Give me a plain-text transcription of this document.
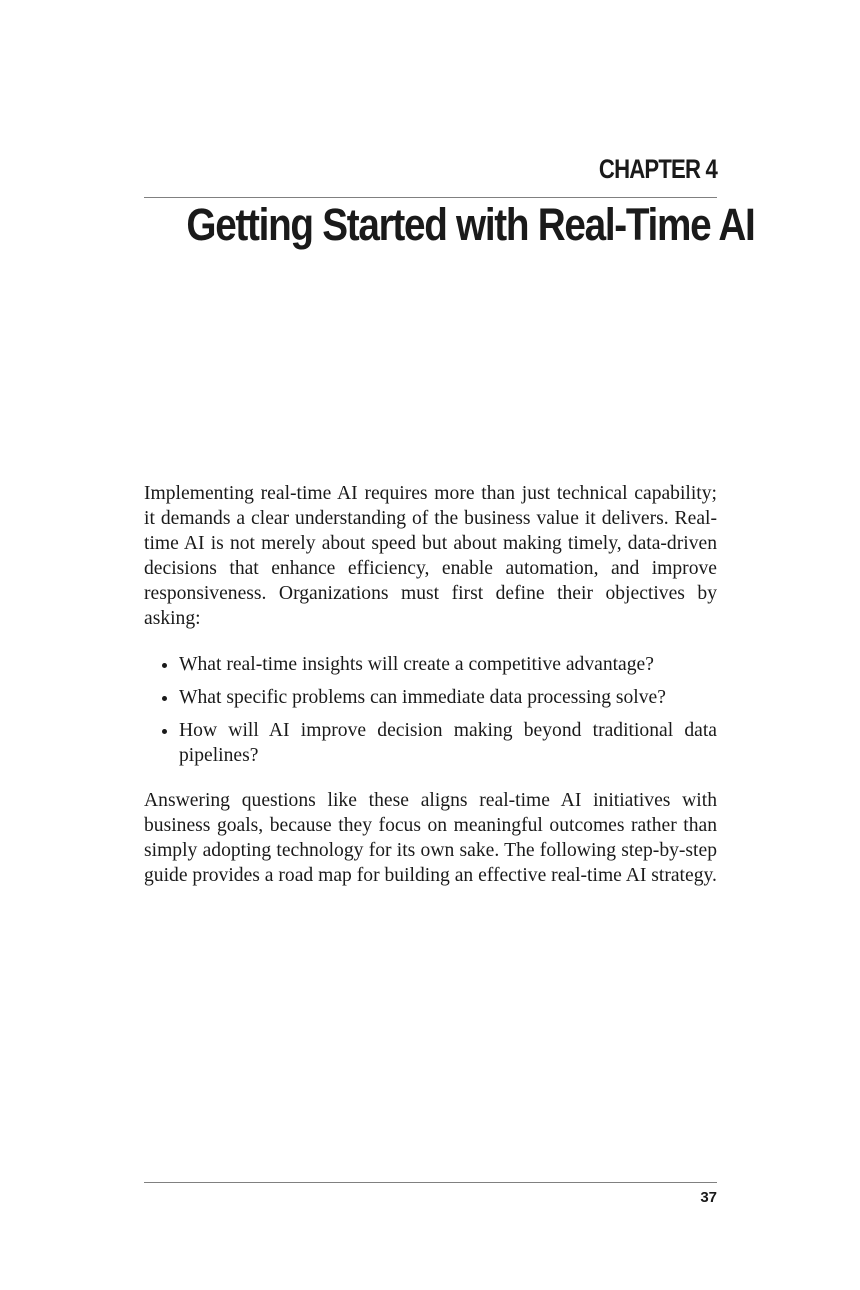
CHAPTER 4
Getting Started with Real-Time AI

Implementing real-time AI requires more than just technical capability; it demands a clear understanding of the business value it delivers. Real-time AI is not merely about speed but about making timely, data-driven decisions that enhance efficiency, enable automation, and improve responsiveness. Organizations must first define their objectives by asking:

What real-time insights will create a competitive advantage?
What specific problems can immediate data processing solve?
How will AI improve decision making beyond traditional data pipelines?

Answering questions like these aligns real-time AI initiatives with business goals, because they focus on meaningful outcomes rather than simply adopting technology for its own sake. The following step-by-step guide provides a road map for building an effective real-time AI strategy.

37
